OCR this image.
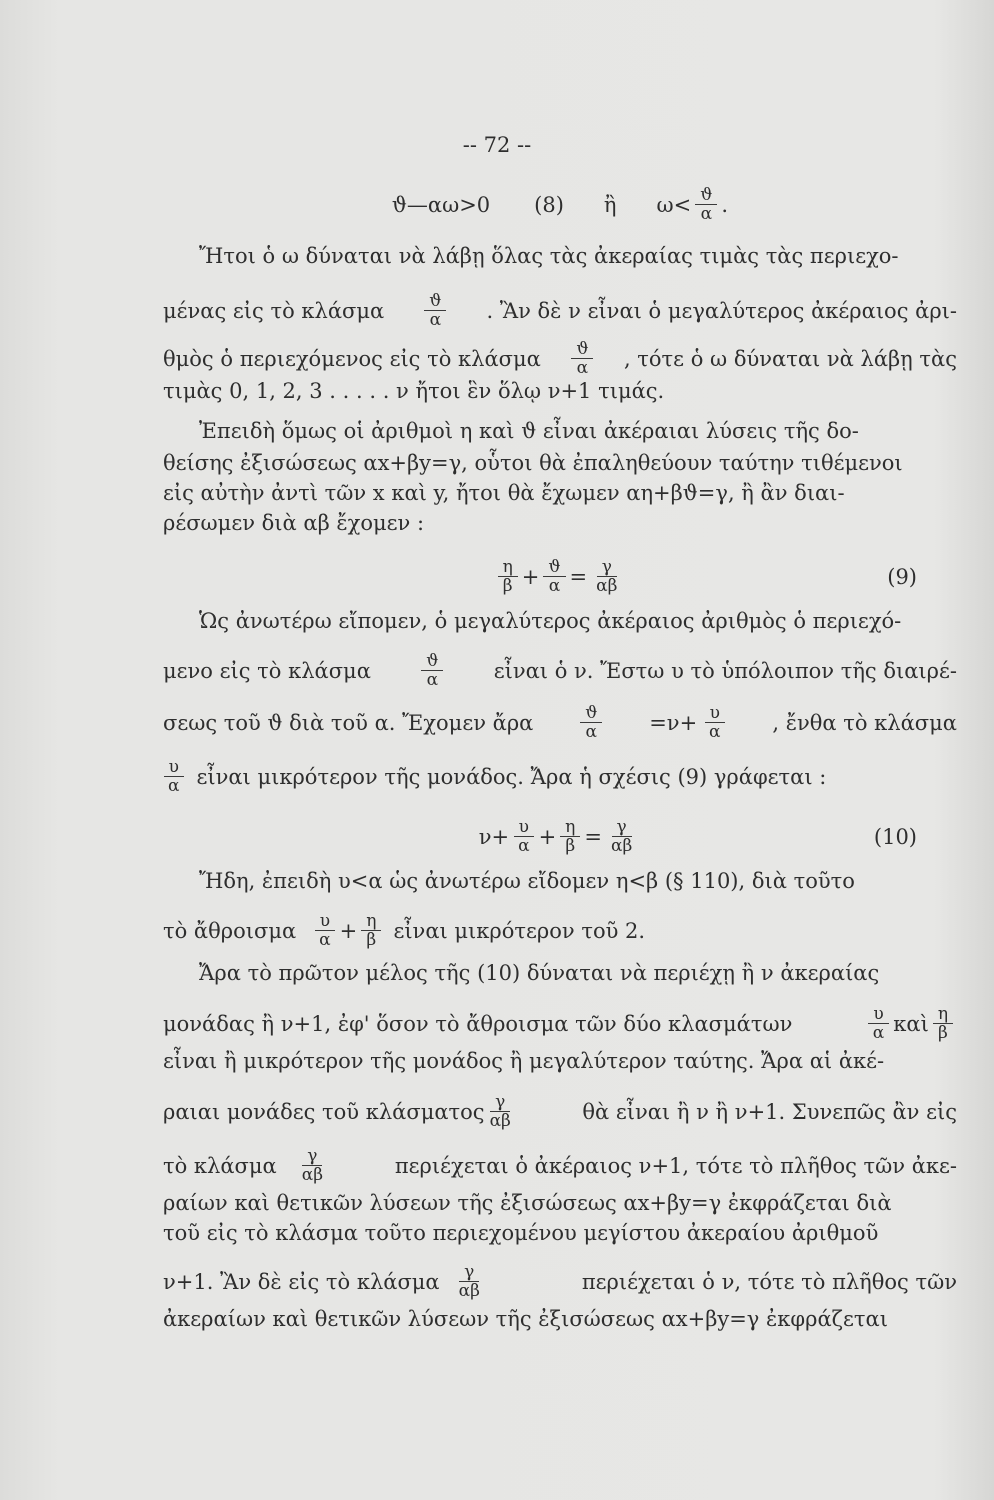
-- 72 --
ϑ—αω>0 (8) ἢ $\omega< \frac{ϑ}{\alpha}$ .
Ἤτοι ὁ ω δύναται νὰ λάβῃ ὅλας τὰς ἀκεραίας τιμὰς τὰς περιεχο-
μένας εἰς τὸ κλάσμα $\frac{ϑ}{\alpha}$ . Ἂν δὲ ν εἶναι ὁ μεγαλύτερος ἀκέραιος ἀρι-
θμὸς ὁ περιεχόμενος εἰς τὸ κλάσμα $\frac{ϑ}{\alpha}$ , τότε ὁ ω δύναται νὰ λάβῃ τὰς
τιμὰς 0, 1, 2, 3 . . . . . ν ἤτοι ἓν ὅλῳ ν+1 τιμάς.
Ἐπειδὴ ὅμως οἱ ἀριθμοὶ η καὶ ϑ εἶναι ἀκέραιαι λύσεις τῆς δο-
θείσης ἐξισώσεως αx+βy=γ, οὗτοι θὰ ἐπαληθεύουν ταύτην τιθέμενοι
εἰς αὐτὴν ἀντὶ τῶν x καὶ y, ἤτοι θὰ ἔχωμεν αη+βϑ=γ, ἢ ἂν διαι-
ρέσωμεν διὰ αβ ἔχομεν :
$\frac{\eta}{\beta} + \frac{ϑ}{\alpha} = \frac{\gamma}{\alpha\beta}$	(9)
Ὡς ἀνωτέρω εἴπομεν, ὁ μεγαλύτερος ἀκέραιος ἀριθμὸς ὁ περιεχό-
μενο εἰς τὸ κλάσμα	$\frac{ϑ}{\alpha}$ εἶναι ὁ ν. Ἔστω υ τὸ ὑπόλοιπον τῆς διαιρέ-
σεως τοῦ ϑ διὰ τοῦ α. Ἔχομεν ἄρα	$\frac{ϑ}{\alpha} =\nu+ \frac{\upsilon}{\alpha}$ , ἔνθα τὸ κλάσμα
$\frac{\upsilon}{\alpha}$ εἶναι μικρότερον τῆς μονάδος. Ἄρα ἡ σχέσις (9) γράφεται :
$\nu+ \frac{\upsilon}{\alpha} + \frac{\eta}{\beta} = \frac{\gamma}{\alpha\beta}$	(10)
Ἤδη, ἐπειδὴ υ<α ὡς ἀνωτέρω εἴδομεν η<β (§ 110), διὰ τοῦτο
τὸ ἄθροισμα $\frac{\upsilon}{\alpha} + \frac{\eta}{\beta}$ εἶναι μικρότερον τοῦ 2.
Ἄρα τὸ πρῶτον μέλος τῆς (10) δύναται νὰ περιέχῃ ἢ ν ἀκεραίας
μονάδας ἢ ν+1, ἐφ' ὅσον τὸ ἄθροισμα τῶν δύο κλασμάτων	$\frac{\upsilon}{\alpha}$ καὶ $\frac{\eta}{\beta}$
εἶναι ἢ μικρότερον τῆς μονάδος ἢ μεγαλύτερον ταύτης. Ἄρα αἱ ἀκέ-
ραιαι μονάδες τοῦ κλάσματος $\frac{\gamma}{\alpha\beta}$	θὰ εἶναι ἢ ν ἢ ν+1. Συνεπῶς ἂν εἰς
τὸ κλάσμα $\frac{\gamma}{\alpha\beta}$	περιέχεται ὁ ἀκέραιος ν+1, τότε τὸ πλῆθος τῶν ἀκε-
ραίων καὶ θετικῶν λύσεων τῆς ἐξισώσεως αx+βy=γ ἐκφράζεται διὰ
τοῦ εἰς τὸ κλάσμα τοῦτο περιεχομένου μεγίστου ἀκεραίου ἀριθμοῦ
ν+1. Ἂν δὲ εἰς τὸ κλάσμα $\frac{\gamma}{\alpha\beta}$	περιέχεται ὁ ν, τότε τὸ πλῆθος τῶν
ἀκεραίων καὶ θετικῶν λύσεων τῆς ἐξισώσεως αx+βy=γ ἐκφράζεται
